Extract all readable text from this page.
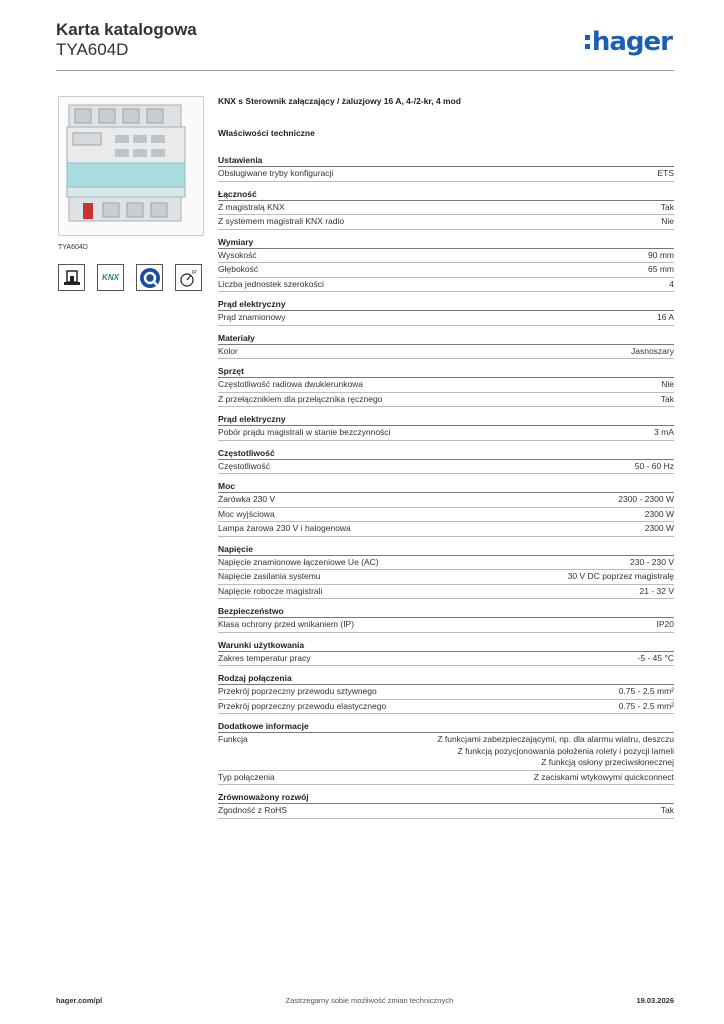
Karta katalogowa
TYA604D	hager
TYA604D
KNX
IP
KNX s Sterownik załączający / żaluzjowy 16 A, 4-/2-kr, 4 mod
Właściwości techniczne
Ustawienia
Obsługiwane tryby konfiguracji	ETS
Łączność
Z magistralą KNX	Tak
Z systemem magistrali KNX radio	Nie
Wymiary
Wysokość	90 mm
Głębokość	65 mm
Liczba jednostek szerokości	4
Prąd elektryczny
Prąd znamionowy	16 A
Materiały
Kolor	Jasnoszary
Sprzęt
Częstotliwość radiowa dwukierunkowa	Nie
Z przełącznikiem dla przełącznika ręcznego	Tak
Prąd elektryczny
Pobór prądu magistrali w stanie bezczynności	3 mA
Częstotliwość
Częstotliwość	50 - 60 Hz
Moc
Żarówka 230 V	2300 - 2300 W
Moc wyjściowa	2300 W
Lampa żarowa 230 V i halogenowa	2300 W
Napięcie
Napięcie znamionowe łączeniowe Ue (AC)	230 - 230 V
Napięcie zasilania systemu	30 V DC poprzez magistralę
Napięcie robocze magistrali	21 - 32 V
Bezpieczeństwo
Klasa ochrony przed wnikaniem (IP)	IP20
Warunki użytkowania
Zakres temperatur pracy	-5 - 45 °C
Rodzaj połączenia
Przekrój poprzeczny przewodu sztywnego	0.75 - 2.5 mm²
Przekrój poprzeczny przewodu elastycznego	0.75 - 2.5 mm²
Dodatkowe informacje
Funkcja	Z funkcjami zabezpieczającymi, np. dla alarmu wiatru, deszczu
Z funkcją pozycjonowania położenia rolety i pozycji lameli
Z funkcją osłony przeciwsłonecznej
Typ połączenia	Z zaciskami wtykowymi quickconnect
Zrównoważony rozwój
Zgodność z RoHS	Tak
hager.com/pl	Zastrzegamy sobie możliwość zmian technicznych	19.03.2026
